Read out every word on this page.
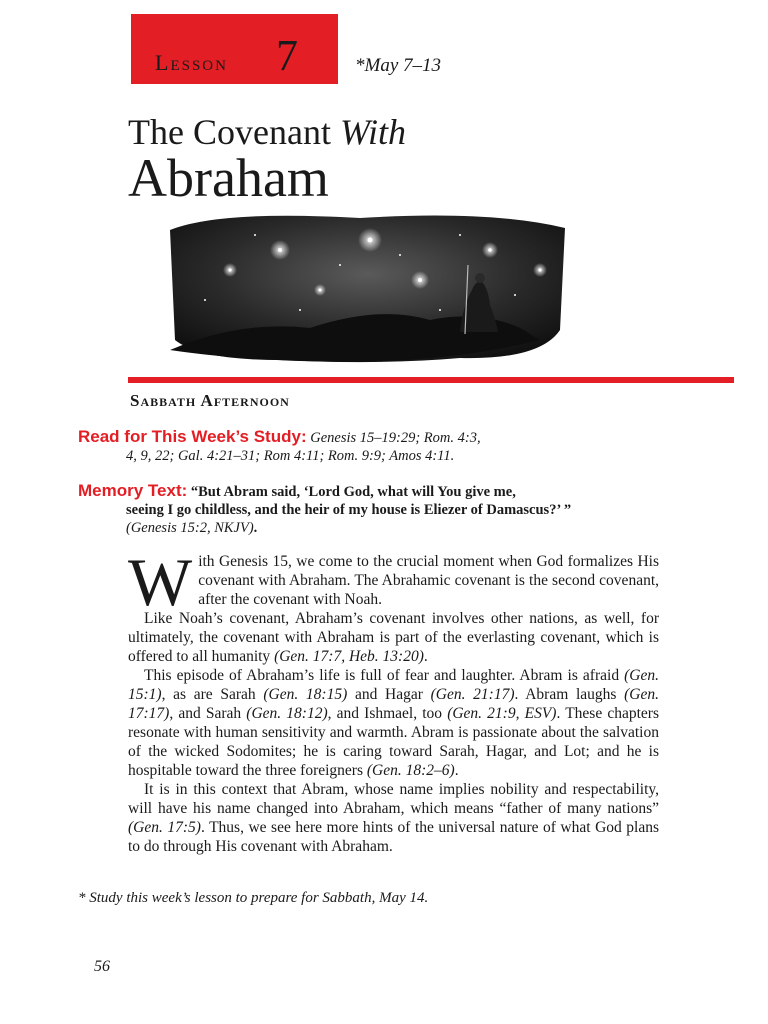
Lesson 7	*May 7–13
The Covenant With
Abraham
Sabbath Afternoon
Read for This Week’s Study: Genesis 15–19:29; Rom. 4:3,
4, 9, 22; Gal. 4:21–31; Rom 4:11; Rom. 9:9; Amos 4:11.
Memory Text: “But Abram said, ‘Lord God, what will You give me,
seeing I go childless, and the heir of my house is Eliezer of Damascus?’ ”
(Genesis 15:2, NKJV).

With Genesis 15, we come to the crucial moment when God formalizes His covenant with Abraham. The Abrahamic covenant is the second covenant, after the covenant with Noah.

Like Noah’s covenant, Abraham’s covenant involves other nations, as well, for ultimately, the covenant with Abraham is part of the everlasting covenant, which is offered to all humanity (Gen. 17:7, Heb. 13:20).

This episode of Abraham’s life is full of fear and laughter. Abram is afraid (Gen. 15:1), as are Sarah (Gen. 18:15) and Hagar (Gen. 21:17). Abram laughs (Gen. 17:17), and Sarah (Gen. 18:12), and Ishmael, too (Gen. 21:9, ESV). These chapters resonate with human sensitivity and warmth. Abram is passionate about the salvation of the wicked Sodomites; he is caring toward Sarah, Hagar, and Lot; and he is hospitable toward the three foreigners (Gen. 18:2–6).

It is in this context that Abram, whose name implies nobility and respectability, will have his name changed into Abraham, which means “father of many nations” (Gen. 17:5). Thus, we see here more hints of the universal nature of what God plans to do through His covenant with Abraham.

* Study this week’s lesson to prepare for Sabbath, May 14.
56
